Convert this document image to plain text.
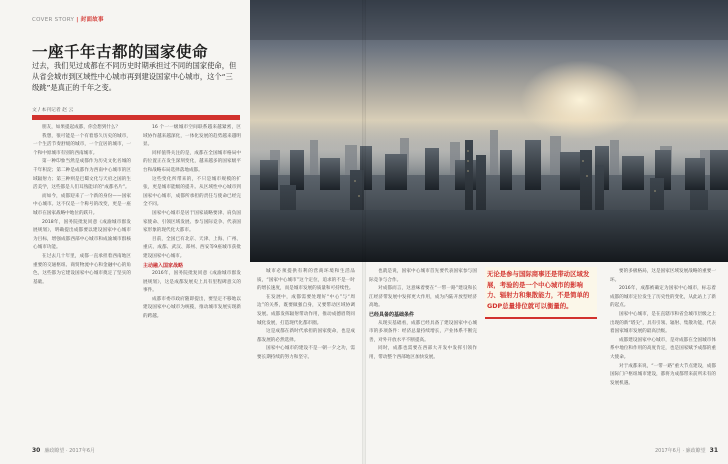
COVER STORY | 封面故事
一座千年古都的国家使命
过去，我们见过成都在不同历史时期承担过不同的国家使命，但从省会城市到区域性中心城市再到建设国家中心城市，这个“三级跳”是真正的千年之变。
文 / 本刊记者 赵 云

朋友，如果提起成都，你会想到什么？

我想，很可能是一个有着悠久历史的城市，一个生活节奏舒缓的城市，一个宜居的城市，一个和中原城市有别的西南城市。

第一种印象当然是成都作为历史文化名城的千年积淀；第二种是成都作为西南中心城市的区域辐射力；第三种则是巴蜀文化与天府之国的生活美学，这些都是人们耳熟能详的“成都名片”。

而如今，成都迎来了一个新的身份——国家中心城市。这不仅是一个称号的改变，更是一座城市在国家战略中地位的跃升。

2018年，国务院批复同意《成渝城市群发展规划》，明确提出成都要以建设国家中心城市为目标，增强成都西部中心城市和成渝城市群核心城市功能。

在过去几十年里，成都一直承担着西南地区重要的交通枢纽、商贸物流中心和金融中心的角色，这些都为它建设国家中心城市奠定了坚实的基础。

16 个一一级城市空间联系越来越紧密，区域协作越来越深化，一体化发展的趋势越来越明显。

同样值得关注的是，成都在全国城市格局中的位置正在发生深刻变化，越来越多的国家级平台和战略布局选择落地成都。

这些变化所带来的，不只是城市规模的扩张，更是城市能级的提升。从区域性中心城市到国家中心城市，成都所承担的责任与使命已经完全不同。

国家中心城市是居于国家战略要津、肩负国家使命、引领区域发展、参与国际竞争、代表国家形象的现代化大都市。

目前，全国已有北京、天津、上海、广州、重庆、成都、武汉、郑州、西安等9座城市获批建设国家中心城市。

主动融入国家战略

2016年，国务院批复同意《成渝城市群发展规划》，这是成都发展史上具有里程碑意义的事件。

成都市委市政府随即提出，要坚定不移地以建设国家中心城市为统揽，推动城市发展实现新的跨越。

城市必须提供有利的营商环境和生活品质，“国家中心城市”这个定位，追求的不是一时的增长速度，而是城市发展的质量和可持续性。

在发展中，成都需要处理好“中心”与“周边”的关系，既要做强自身，又要带动区域协调发展。成都发挥辐射带动作用，推动成德眉资同城化发展，打造现代化都市圈。

这是成都在新时代承担的国家使命，也是成都发展的必然选择。

国家中心城市的建设不是一朝一夕之功，需要长期持续的努力和坚守。

也就是说，国家中心城市首先要代表国家参与国际竞争与合作。

对成都而言，这意味着要在“一带一路”建设和长江经济带发展中发挥更大作用，成为内陆开放型经济高地。

已经具备的基础条件

从现实基础看，成都已经具备了建设国家中心城市的多项条件：经济总量持续增长，产业体系不断完善，对外开放水平不断提高。

同时，成都也需要在西部大开发中发挥引领作用，带动整个西部地区加快发展。

无论是参与国际商事还是带动区域发展，考验的是一个中心城市的影响力、辐射力和集散能力，不是简单的GDP总量排位就可以衡量的。

要的多极格局，这是国家区域发展战略的重要一环。

2016年，成都被确定为国家中心城市，标志着成都的城市定位发生了历史性的变化，从此站上了新的起点。

国家中心城市，是在直辖市和省会城市层级之上出现的新“塔尖”，具有引领、辐射、集散功能，代表着国家城市发展的最高层级。

成都建设国家中心城市，是对成都在全国城市体系中地位和作用的高度肯定，也是国家赋予成都的重大使命。

对于成都来说，“一带一路”重大节点建设，成都国际门户枢纽城市建设，都将为成都带来前所未有的发展机遇。

30 廉政瞭望 · 2017年6月	2017年6月 · 廉政瞭望 31
